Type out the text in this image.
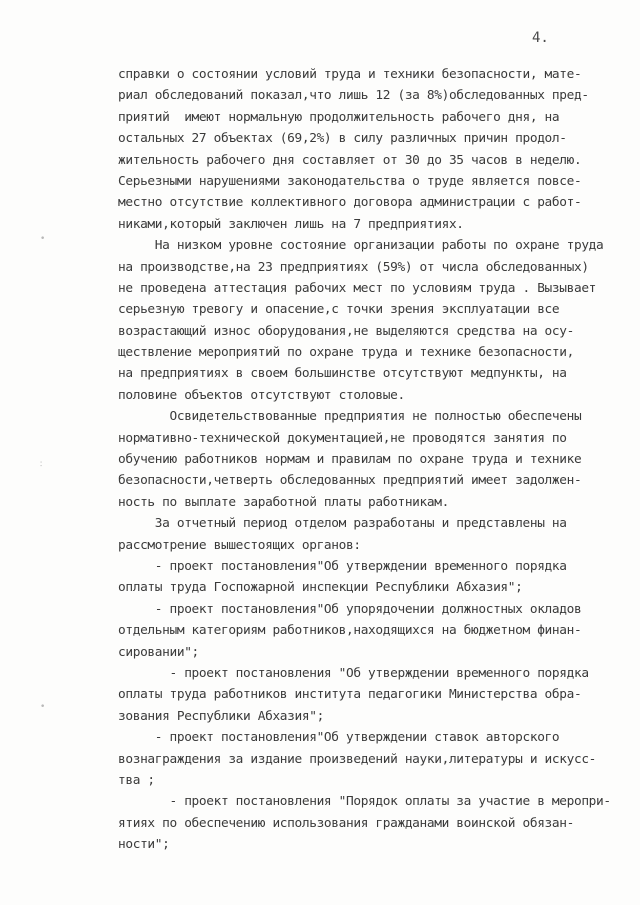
4.
•
∶
•
справки о состоянии условий труда и техники безопасности, мате-
риал обследований показал,что лишь 12 (за 8%)обследованных пред-
приятий  имеют нормальную продолжительность рабочего дня, на
остальных 27 объектах (69,2%) в силу различных причин продол-
жительность рабочего дня составляет от 30 до 35 часов в неделю.
Серьезными нарушениями законодательства о труде является повсе-
местно отсутствие коллективного договора администрации с работ-
никами,который заключен лишь на 7 предприятиях.
На низком уровне состояние организации работы по охране труда
на производстве,на 23 предприятиях (59%) от числа обследованных)
не проведена аттестация рабочих мест по условиям труда . Вызывает
серьезную тревогу и опасение,с точки зрения эксплуатации все
возрастающий износ оборудования,не выделяются средства на осу-
ществление мероприятий по охране труда и технике безопасности,
на предприятиях в своем большинстве отсутствуют медпункты, на
половине объектов отсутствуют столовые.
Освидетельствованные предприятия не полностью обеспечены
нормативно-технической документацией,не проводятся занятия по
обучению работников нормам и правилам по охране труда и технике
безопасности,четверть обследованных предприятий имеет задолжен-
ность по выплате заработной платы работникам.
За отчетный период отделом разработаны и представлены на
рассмотрение вышестоящих органов:
- проект постановления"Об утверждении временного порядка
оплаты труда Госпожарной инспекции Республики Абхазия";
- проект постановления"Об упорядочении должностных окладов
отдельным категориям работников,находящихся на бюджетном финан-
сировании";
- проект постановления "Об утверждении временного порядка
оплаты труда работников института педагогики Министерства обра-
зования Республики Абхазия";
- проект постановления"Об утверждении ставок авторского
вознаграждения за издание произведений науки,литературы и искусс-
тва ;
- проект постановления "Порядок оплаты за участие в меропри-
ятиях по обеспечению использования гражданами воинской обязан-
ности";
